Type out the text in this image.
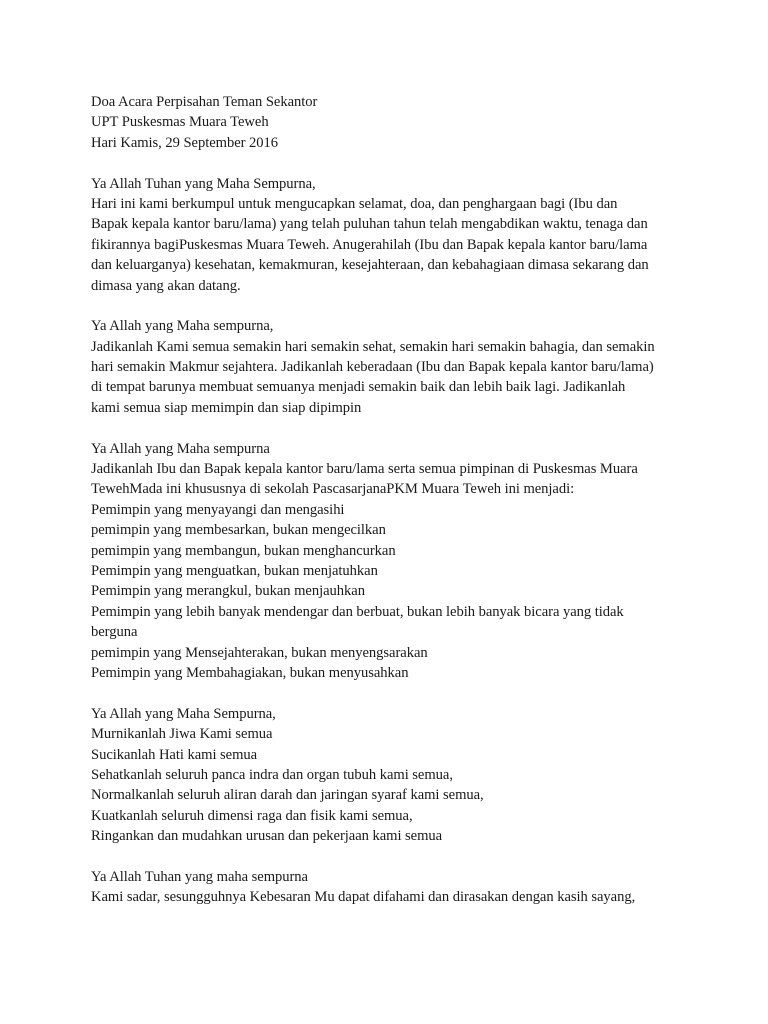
Doa Acara Perpisahan Teman Sekantor
UPT Puskesmas Muara Teweh
Hari Kamis, 29 September 2016
Ya Allah Tuhan yang Maha Sempurna,
Hari ini kami berkumpul untuk mengucapkan selamat, doa, dan penghargaan bagi (Ibu dan
Bapak kepala kantor baru/lama) yang telah puluhan tahun telah mengabdikan waktu, tenaga dan
fikirannya bagiPuskesmas Muara Teweh. Anugerahilah (Ibu dan Bapak kepala kantor baru/lama
dan keluarganya) kesehatan, kemakmuran, kesejahteraan, dan kebahagiaan dimasa sekarang dan
dimasa yang akan datang.
Ya Allah yang Maha sempurna,
Jadikanlah Kami semua semakin hari semakin sehat, semakin hari semakin bahagia, dan semakin
hari semakin Makmur sejahtera. Jadikanlah keberadaan (Ibu dan Bapak kepala kantor baru/lama)
di tempat barunya membuat semuanya menjadi semakin baik dan lebih baik lagi. Jadikanlah
kami semua siap memimpin dan siap dipimpin
Ya Allah yang Maha sempurna
Jadikanlah Ibu dan Bapak kepala kantor baru/lama serta semua pimpinan di Puskesmas Muara
TewehMada ini khususnya di sekolah PascasarjanaPKM Muara Teweh ini menjadi:
Pemimpin yang menyayangi dan mengasihi
pemimpin yang membesarkan, bukan mengecilkan
pemimpin yang membangun, bukan menghancurkan
Pemimpin yang menguatkan, bukan menjatuhkan
Pemimpin yang merangkul, bukan menjauhkan
Pemimpin yang lebih banyak mendengar dan berbuat, bukan lebih banyak bicara yang tidak
berguna
pemimpin yang Mensejahterakan, bukan menyengsarakan
Pemimpin yang Membahagiakan, bukan menyusahkan
Ya Allah yang Maha Sempurna,
Murnikanlah Jiwa Kami semua
Sucikanlah Hati kami semua
Sehatkanlah seluruh panca indra dan organ tubuh kami semua,
Normalkanlah seluruh aliran darah dan jaringan syaraf kami semua,
Kuatkanlah seluruh dimensi raga dan fisik kami semua,
Ringankan dan mudahkan urusan dan pekerjaan kami semua
Ya Allah Tuhan yang maha sempurna
Kami sadar, sesungguhnya Kebesaran Mu dapat difahami dan dirasakan dengan kasih sayang,
